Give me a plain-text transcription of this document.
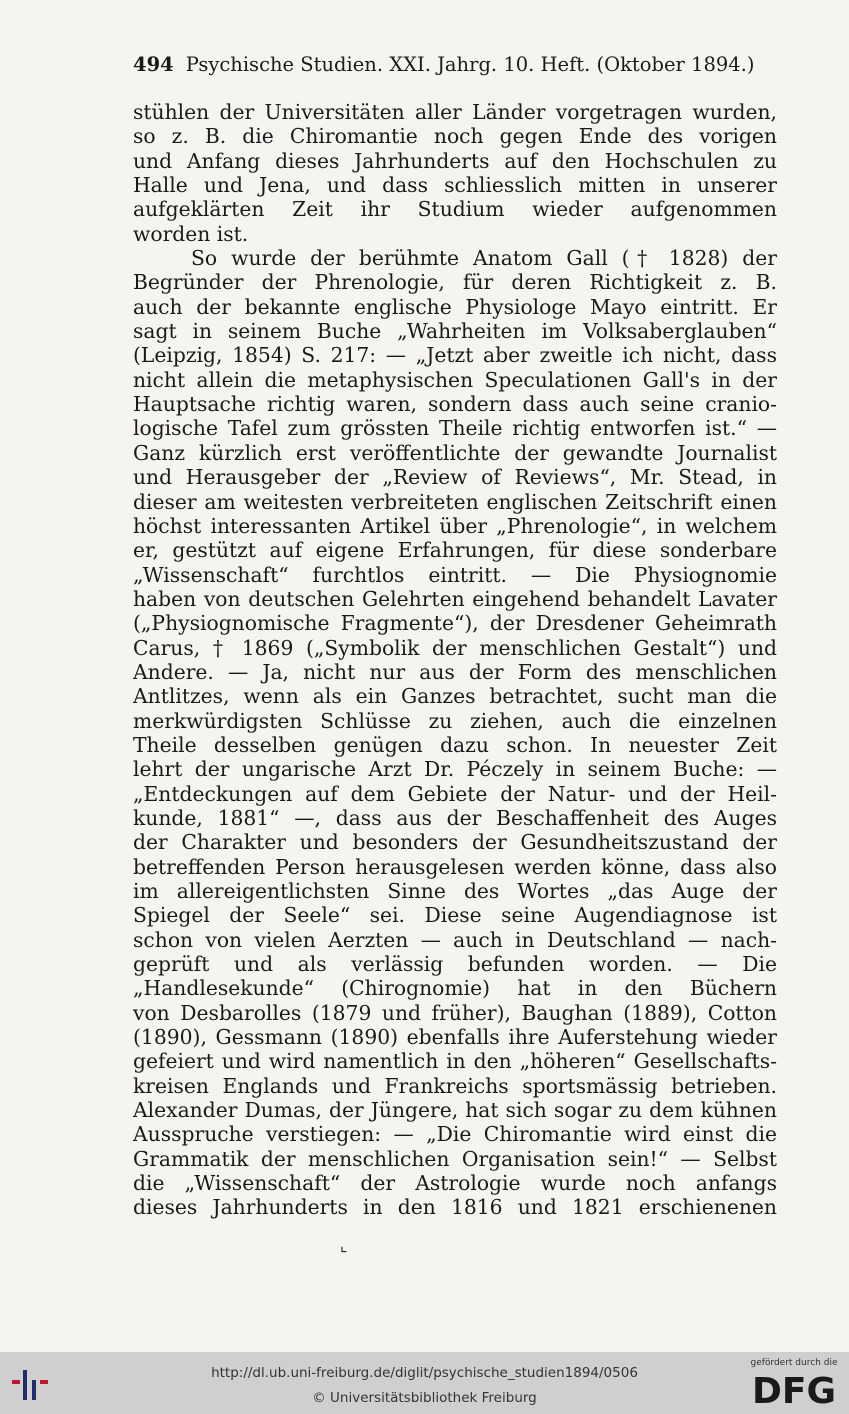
494 Psychische Studien. XXI. Jahrg. 10. Heft. (Oktober 1894.)
stühlen der Universitäten aller Länder vorgetragen wurden,
so z. B. die Chiromantie noch gegen Ende des vorigen
und Anfang dieses Jahrhunderts auf den Hochschulen zu
Halle und Jena, und dass schliesslich mitten in unserer
aufgeklärten Zeit ihr Studium wieder aufgenommen
worden ist.
So wurde der berühmte Anatom Gall († 1828) der
Begründer der Phrenologie, für deren Richtigkeit z. B.
auch der bekannte englische Physiologe Mayo eintritt. Er
sagt in seinem Buche „Wahrheiten im Volksaberglauben“
(Leipzig, 1854) S. 217: — „Jetzt aber zweitle ich nicht, dass
nicht allein die metaphysischen Speculationen Gall's in der
Hauptsache richtig waren, sondern dass auch seine cranio-
logische Tafel zum grössten Theile richtig entworfen ist.“ —
Ganz kürzlich erst veröffentlichte der gewandte Journalist
und Herausgeber der „Review of Reviews“, Mr. Stead, in
dieser am weitesten verbreiteten englischen Zeitschrift einen
höchst interessanten Artikel über „Phrenologie“, in welchem
er, gestützt auf eigene Erfahrungen, für diese sonderbare
„Wissenschaft“ furchtlos eintritt. — Die Physiognomie
haben von deutschen Gelehrten eingehend behandelt Lavater
(„Physiognomische Fragmente“), der Dresdener Geheimrath
Carus, † 1869 („Symbolik der menschlichen Gestalt“) und
Andere. — Ja, nicht nur aus der Form des menschlichen
Antlitzes, wenn als ein Ganzes betrachtet, sucht man die
merkwürdigsten Schlüsse zu ziehen, auch die einzelnen
Theile desselben genügen dazu schon. In neuester Zeit
lehrt der ungarische Arzt Dr. Péczely in seinem Buche: —
„Entdeckungen auf dem Gebiete der Natur- und der Heil-
kunde, 1881“ —, dass aus der Beschaffenheit des Auges
der Charakter und besonders der Gesundheitszustand der
betreffenden Person herausgelesen werden könne, dass also
im allereigentlichsten Sinne des Wortes „das Auge der
Spiegel der Seele“ sei. Diese seine Augendiagnose ist
schon von vielen Aerzten — auch in Deutschland — nach-
geprüft und als verlässig befunden worden. — Die
„Handlesekunde“ (Chirognomie) hat in den Büchern
von Desbarolles (1879 und früher), Baughan (1889), Cotton
(1890), Gessmann (1890) ebenfalls ihre Auferstehung wieder
gefeiert und wird namentlich in den „höheren“ Gesellschafts-
kreisen Englands und Frankreichs sportsmässig betrieben.
Alexander Dumas, der Jüngere, hat sich sogar zu dem kühnen
Ausspruche verstiegen: — „Die Chiromantie wird einst die
Grammatik der menschlichen Organisation sein!“ — Selbst
die „Wissenschaft“ der Astrologie wurde noch anfangs
dieses Jahrhunderts in den 1816 und 1821 erschienenen
⌞
http://dl.ub.uni-freiburg.de/diglit/psychische_studien1894/0506
© Universitätsbibliothek Freiburg
gefördert durch die
DFG
